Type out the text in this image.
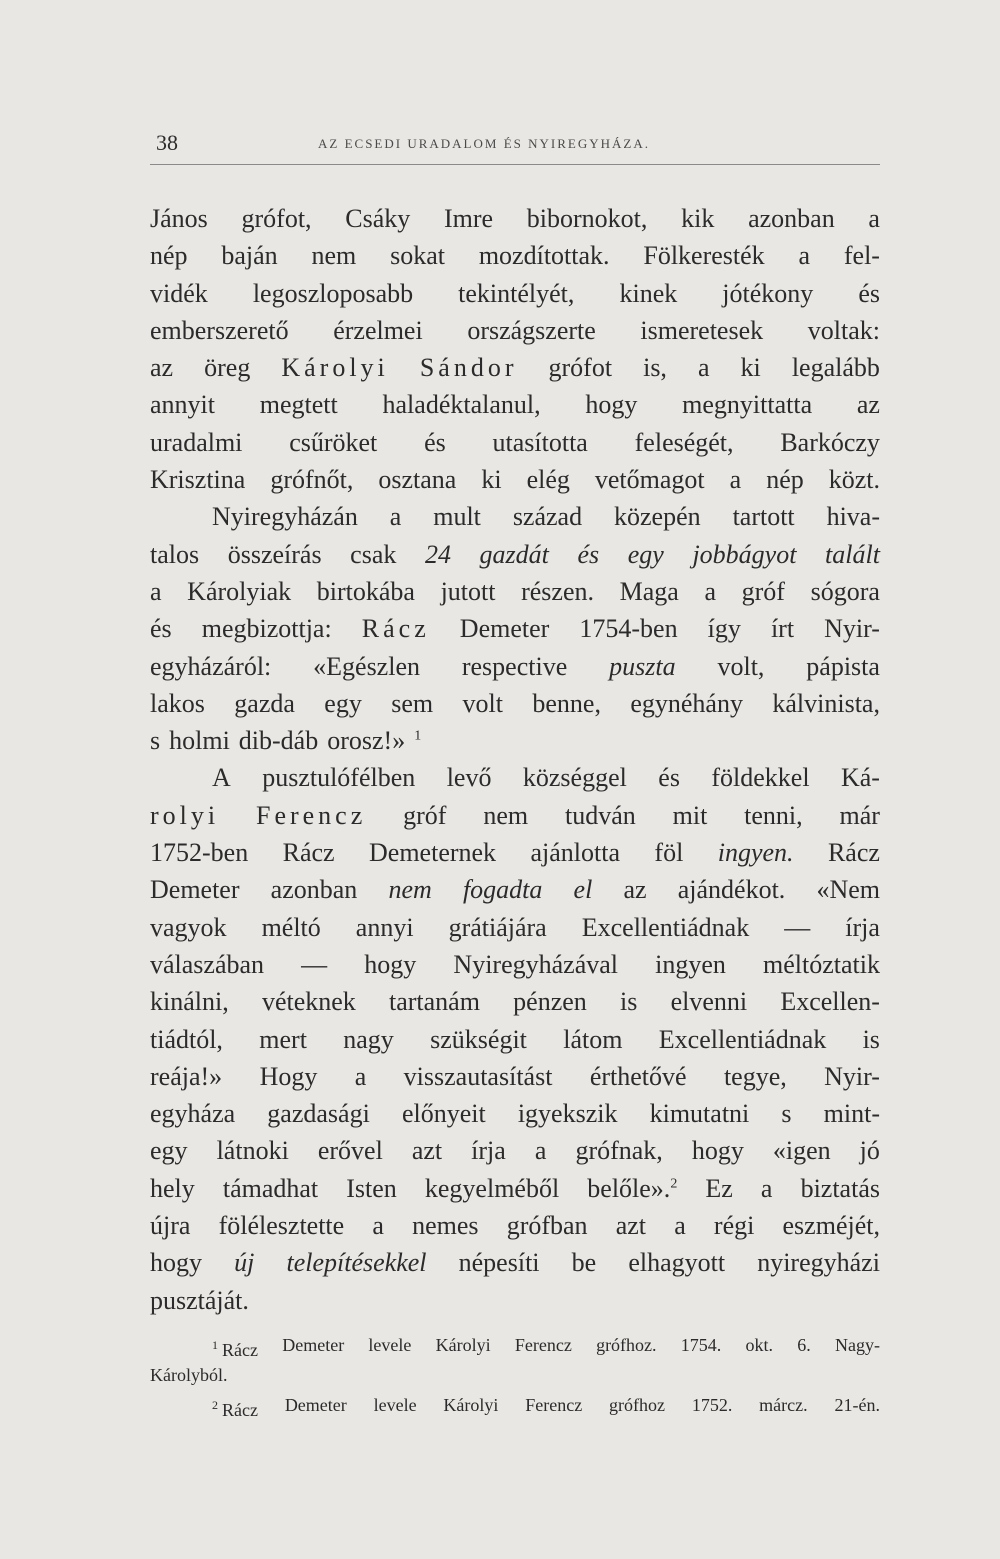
38	AZ ECSEDI URADALOM ÉS NYIREGYHÁZA.
János grófot, Csáky Imre bibornokot, kik azonban a
nép baján nem sokat mozdítottak. Fölkeresték a fel-
vidék legoszloposabb tekintélyét, kinek jótékony és
emberszerető érzelmei országszerte ismeretesek voltak:
az öreg Károlyi Sándor grófot is, a ki legalább
annyit megtett haladéktalanul, hogy megnyittatta az
uradalmi csűröket és utasította feleségét, Barkóczy
Krisztina grófnőt, osztana ki elég vetőmagot a nép közt.
Nyiregyházán a mult század közepén tartott hiva-
talos összeírás csak 24 gazdát és egy jobbágyot talált
a Károlyiak birtokába jutott részen. Maga a gróf sógora
és megbizottja: Rácz Demeter 1754-ben így írt Nyir-
egyházáról: «Egészlen respective puszta volt, pápista
lakos gazda egy sem volt benne, egynéhány kálvinista,
s holmi dib-dáb orosz!» $^1$
A pusztulófélben levő községgel és földekkel Ká-
rolyi Ferencz gróf nem tudván mit tenni, már
1752-ben Rácz Demeternek ajánlotta föl ingyen. Rácz
Demeter azonban nem fogadta el az ajándékot. «Nem
vagyok méltó annyi grátiájára Excellentiádnak — írja
válaszában — hogy Nyiregyházával ingyen méltóztatik
kinálni, véteknek tartanám pénzen is elvenni Excellen-
tiádtól, mert nagy szükségit látom Excellentiádnak is
reája!» Hogy a visszautasítást érthetővé tegye, Nyir-
egyháza gazdasági előnyeit igyekszik kimutatni s mint-
egy látnoki erővel azt írja a grófnak, hogy «igen jó
hely támadhat Isten kegyelméből belőle».$^2$ Ez a biztatás
újra fölélesztette a nemes grófban azt a régi eszméjét,
hogy új telepítésekkel népesíti be elhagyott nyiregyházi
pusztáját.
1 Rácz Demeter levele Károlyi Ferencz grófhoz. 1754. okt. 6. Nagy-
Károlyból.
2 Rácz Demeter levele Károlyi Ferencz grófhoz 1752. márcz. 21-én.
